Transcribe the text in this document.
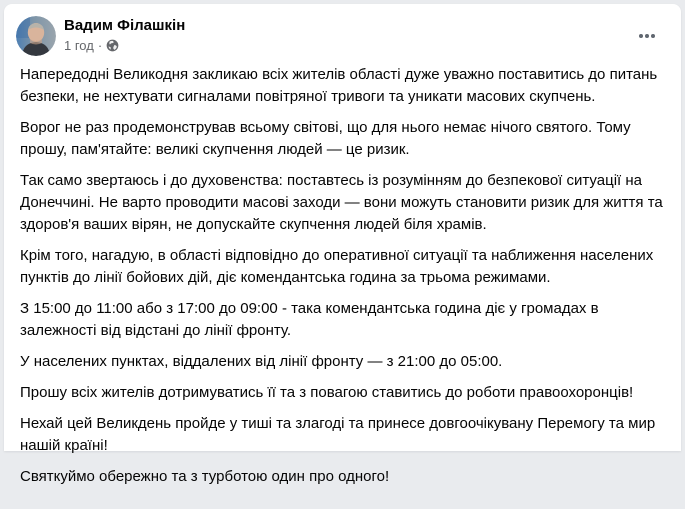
Вадим Філашкін
1 год ·

Напередодні Великодня закликаю всіх жителів області дуже уважно поставитись до питань безпеки, не нехтувати сигналами повітряної тривоги та уникати масових скупчень.

Ворог не раз продемонстрував всьому світові, що для нього немає нічого святого. Тому прошу, пам'ятайте: великі скупчення людей — це ризик.

Так само звертаюсь і до духовенства: поставтесь із розумінням до безпекової ситуації на Донеччині. Не варто проводити масові заходи — вони можуть становити ризик для життя та здоров'я ваших вірян, не допускайте скупчення людей біля храмів.

Крім того, нагадую, в області відповідно до оперативної ситуації та наближення населених пунктів до лінії бойових дій, діє комендантська година за трьома режимами.

З 15:00 до 11:00 або з 17:00 до 09:00 - така комендантська година діє у громадах в залежності від відстані до лінії фронту.

У населених пунктах, віддалених від лінії фронту — з 21:00 до 05:00.

Прошу всіх жителів дотримуватись її та з повагою ставитись до роботи правоохоронців!

Нехай цей Великдень пройде у тиші та злагоді та принесе довгоочікувану Перемогу та мир нашій країні!

Святкуймо обережно та з турботою один про одного!
